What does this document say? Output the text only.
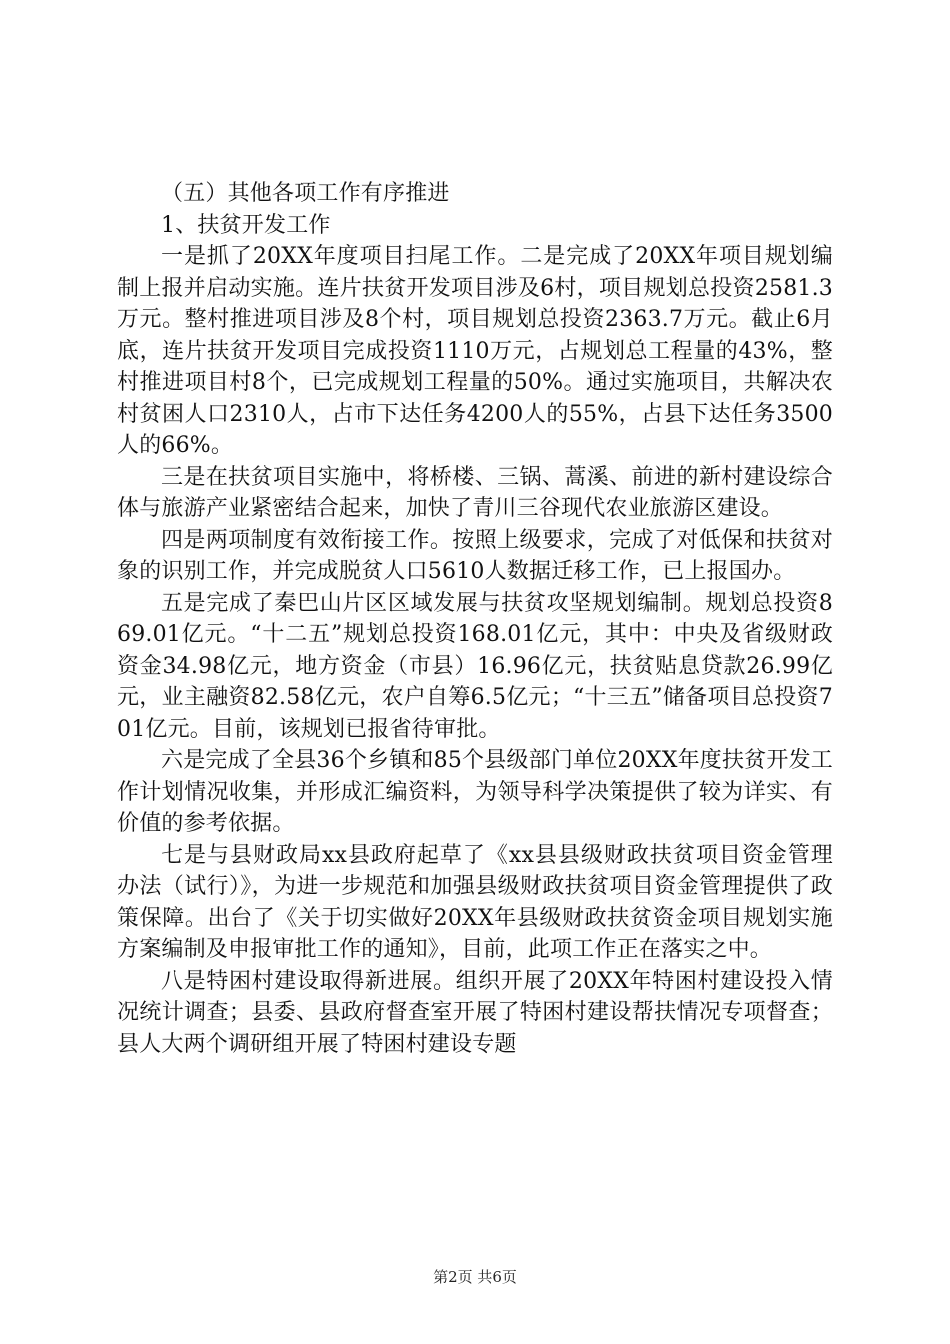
（五）其他各项工作有序推进

1、扶贫开发工作

一是抓了20XX年度项目扫尾工作。二是完成了20XX年项目规划编制上报并启动实施。连片扶贫开发项目涉及6村，项目规划总投资2581.3万元。整村推进项目涉及8个村，项目规划总投资2363.7万元。截止6月底，连片扶贫开发项目完成投资1110万元，占规划总工程量的43%，整村推进项目村8个，已完成规划工程量的50%。通过实施项目，共解决农村贫困人口2310人，占市下达任务4200人的55%，占县下达任务3500人的66%。

三是在扶贫项目实施中，将桥楼、三锅、蒿溪、前进的新村建设综合体与旅游产业紧密结合起来，加快了青川三谷现代农业旅游区建设。

四是两项制度有效衔接工作。按照上级要求，完成了对低保和扶贫对象的识别工作，并完成脱贫人口5610人数据迁移工作，已上报国办。

五是完成了秦巴山片区区域发展与扶贫攻坚规划编制。规划总投资869.01亿元。“十二五”规划总投资168.01亿元，其中：中央及省级财政资金34.98亿元，地方资金（市县）16.96亿元，扶贫贴息贷款26.99亿元，业主融资82.58亿元，农户自筹6.5亿元；“十三五”储备项目总投资701亿元。目前，该规划已报省待审批。

六是完成了全县36个乡镇和85个县级部门单位20XX年度扶贫开发工作计划情况收集，并形成汇编资料，为领导科学决策提供了较为详实、有价值的参考依据。

七是与县财政局xx县政府起草了《xx县县级财政扶贫项目资金管理办法（试行）》，为进一步规范和加强县级财政扶贫项目资金管理提供了政策保障。出台了《关于切实做好20XX年县级财政扶贫资金项目规划实施方案编制及申报审批工作的通知》，目前，此项工作正在落实之中。

八是特困村建设取得新进展。组织开展了20XX年特困村建设投入情况统计调查；县委、县政府督查室开展了特困村建设帮扶情况专项督查；县人大两个调研组开展了特困村建设专题

第2页 共6页
